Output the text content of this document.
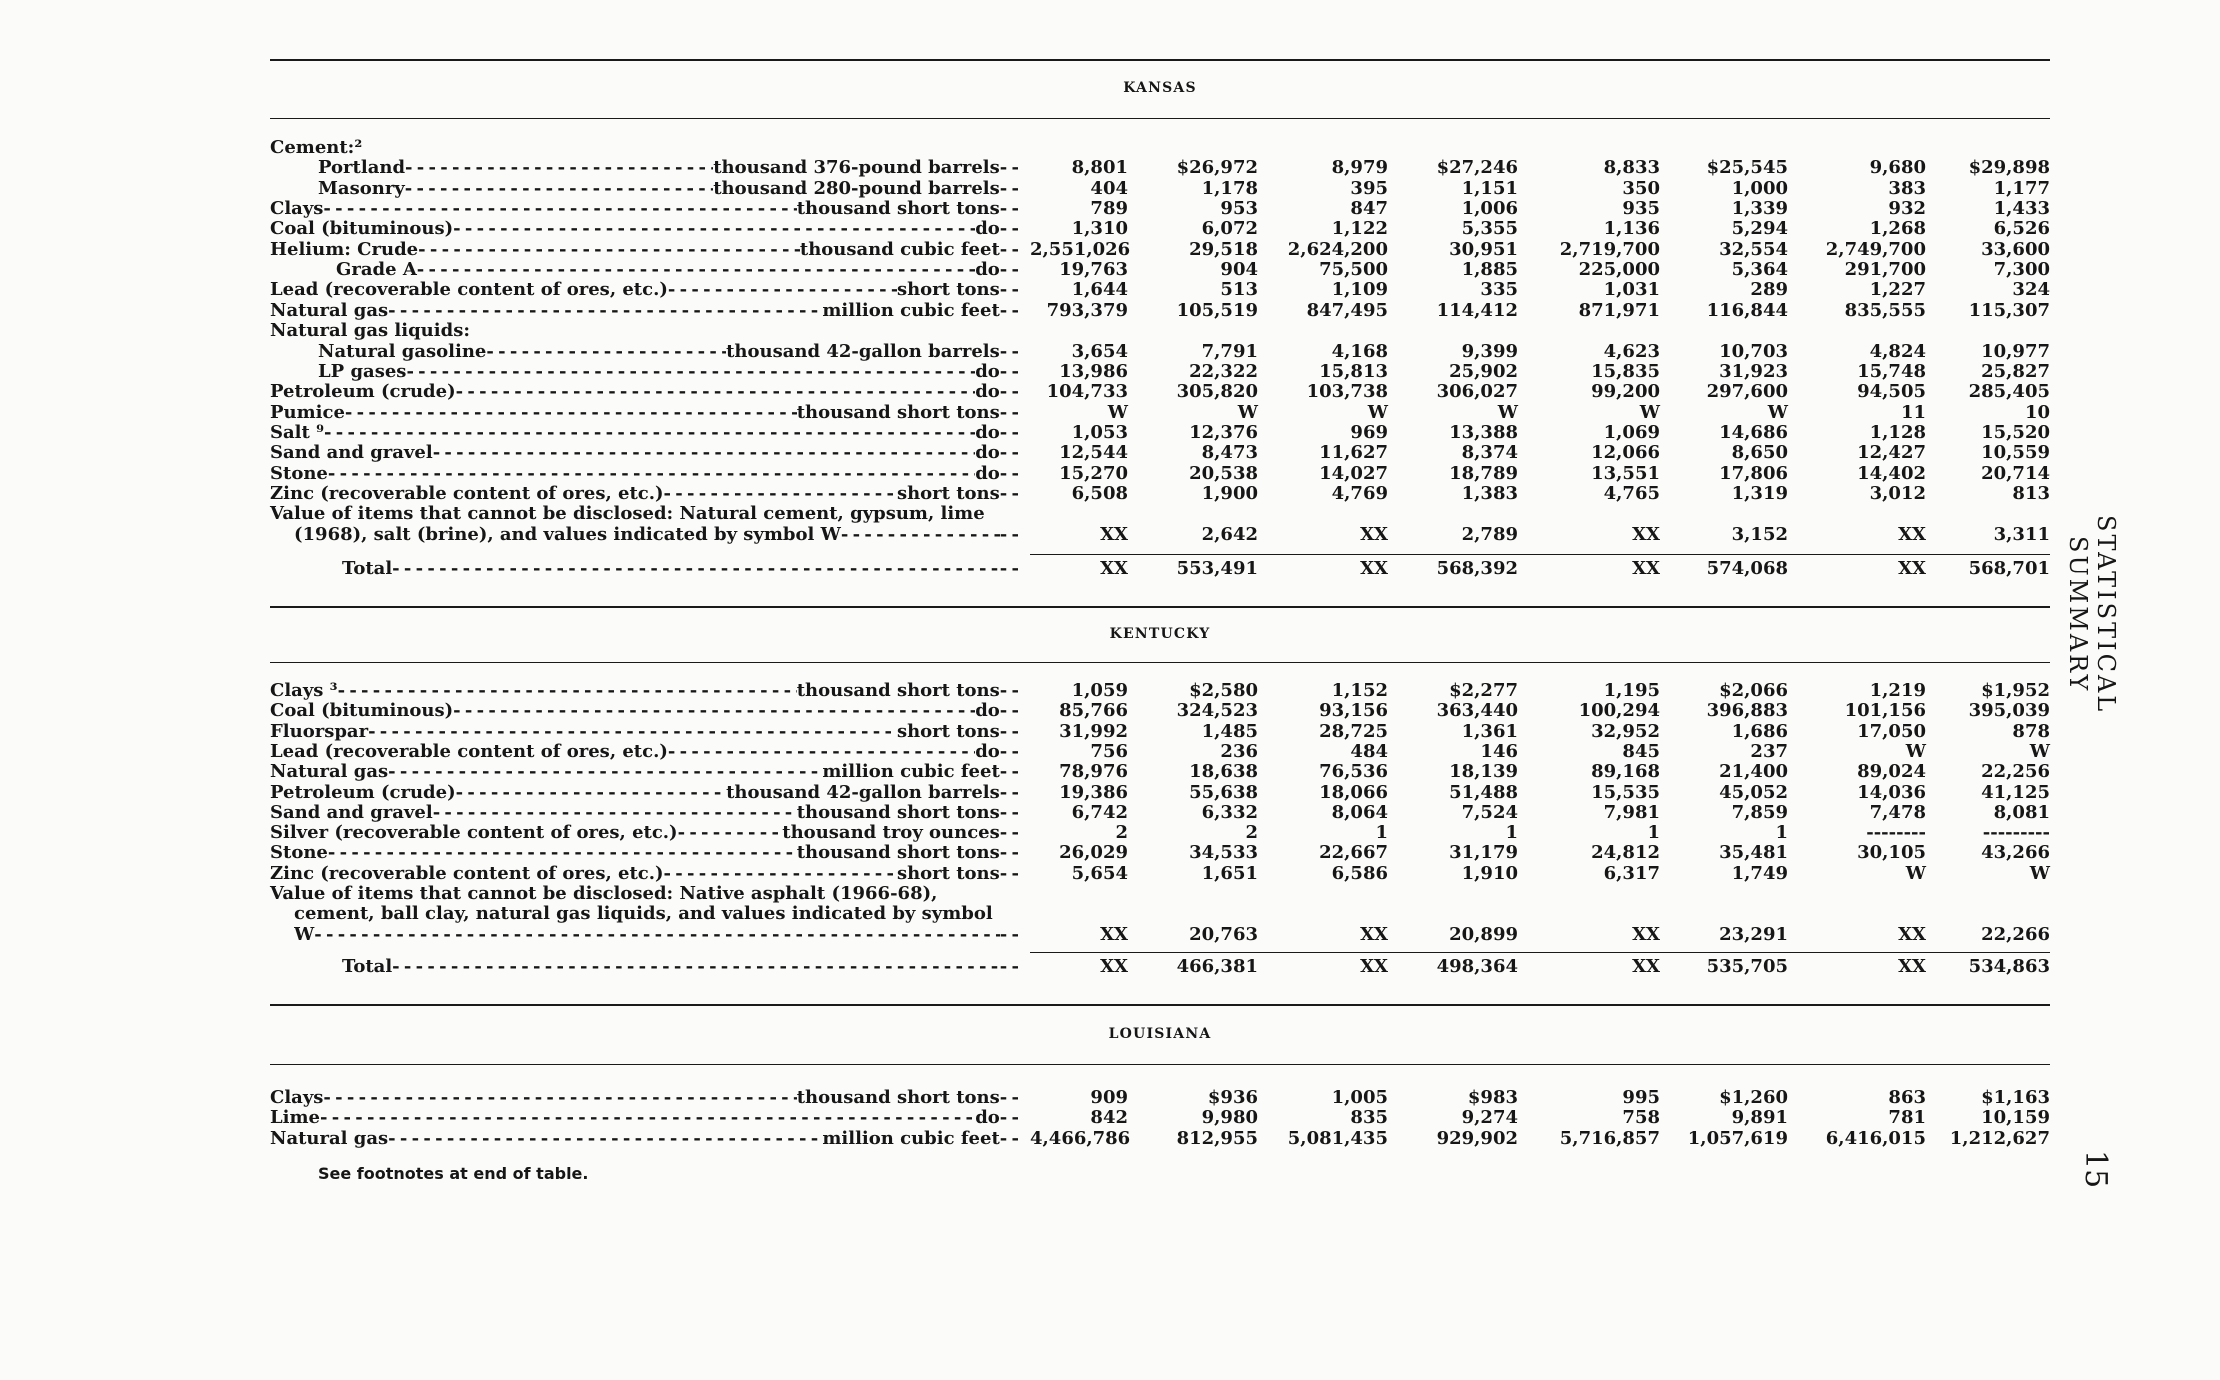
KANSAS
Cement:²
Portland - - -	thousand 376-pound barrels - -	8,801	$26,972	8,979	$27,246	8,833	$25,545	9,680	$29,898
Masonry - - -	thousand 280-pound barrels - -	404	1,178	395	1,151	350	1,000	383	1,177
Clays - - -	thousand short tons - -	789	953	847	1,006	935	1,339	932	1,433
Coal (bituminous) - - -	do - -	1,310	6,072	1,122	5,355	1,136	5,294	1,268	6,526
Helium: Crude - - -	thousand cubic feet - - 2,551,026	29,518	2,624,200	30,951	2,719,700	32,554	2,749,700	33,600
Grade A - - -	do - -	19,763	904	75,500	1,885	225,000	5,364	291,700	7,300
Lead (recoverable content of ores, etc.) - - -	short tons - -	1,644	513	1,109	335	1,031	289	1,227	324
Natural gas - - -	million cubic feet - -	793,379	105,519	847,495	114,412	871,971	116,844	835,555	115,307
Natural gas liquids:
Natural gasoline - - -	thousand 42-gallon barrels - -	3,654	7,791	4,168	9,399	4,623	10,703	4,824	10,977
LP gases - - -	do - -	13,986	22,322	15,813	25,902	15,835	31,923	15,748	25,827
Petroleum (crude) - - -	do - -	104,733	305,820	103,738	306,027	99,200	297,600	94,505	285,405
Pumice - - -	thousand short tons - -	W	W	W	W	W	W	11	10
Salt ⁹ - - -	do - -	1,053	12,376	969	13,388	1,069	14,686	1,128	15,520
Sand and gravel - - -	do - -	12,544	8,473	11,627	8,374	12,066	8,650	12,427	10,559
Stone - - -	do - -	15,270	20,538	14,027	18,789	13,551	17,806	14,402	20,714
Zinc (recoverable content of ores, etc.) - - -	short tons - -	6,508	1,900	4,769	1,383	4,765	1,319	3,012	813
Value of items that cannot be disclosed: Natural cement, gypsum, lime
(1968), salt (brine), and values indicated by symbol W - - -	- -	XX	2,642	XX	2,789	XX	3,152	XX	3,311
Total - - -	- -	XX	553,491	XX	568,392	XX	574,068	XX	568,701
KENTUCKY
Clays ³ - - -	thousand short tons - -	1,059	$2,580	1,152	$2,277	1,195	$2,066	1,219	$1,952
Coal (bituminous) - - -	do - -	85,766	324,523	93,156	363,440	100,294	396,883	101,156	395,039
Fluorspar - - -	short tons - -	31,992	1,485	28,725	1,361	32,952	1,686	17,050	878
Lead (recoverable content of ores, etc.) - - -	do - -	756	236	484	146	845	237	W	W
Natural gas - - -	million cubic feet - -	78,976	18,638	76,536	18,139	89,168	21,400	89,024	22,256
Petroleum (crude) - - -	thousand 42-gallon barrels - -	19,386	55,638	18,066	51,488	15,535	45,052	14,036	41,125
Sand and gravel - - -	thousand short tons - -	6,742	6,332	8,064	7,524	7,981	7,859	7,478	8,081
Silver (recoverable content of ores, etc.) - - -	thousand troy ounces - -	2	2	1	1	1	1	--------	---------
Stone - - -	thousand short tons - -	26,029	34,533	22,667	31,179	24,812	35,481	30,105	43,266
Zinc (recoverable content of ores, etc.) - - -	short tons - -	5,654	1,651	6,586	1,910	6,317	1,749	W	W
Value of items that cannot be disclosed: Native asphalt (1966-68),
cement, ball clay, natural gas liquids, and values indicated by symbol
W - - -	- -	XX	20,763	XX	20,899	XX	23,291	XX	22,266
Total - - -	- -	XX	466,381	XX	498,364	XX	535,705	XX	534,863
LOUISIANA
Clays - - -	thousand short tons - -	909	$936	1,005	$983	995	$1,260	863	$1,163
Lime - - -	do - -	842	9,980	835	9,274	758	9,891	781	10,159
Natural gas - - -	million cubic feet - - 4,466,786	812,955	5,081,435	929,902	5,716,857	1,057,619	6,416,015	1,212,627
See footnotes at end of table.
STATISTICAL SUMMARY
15
